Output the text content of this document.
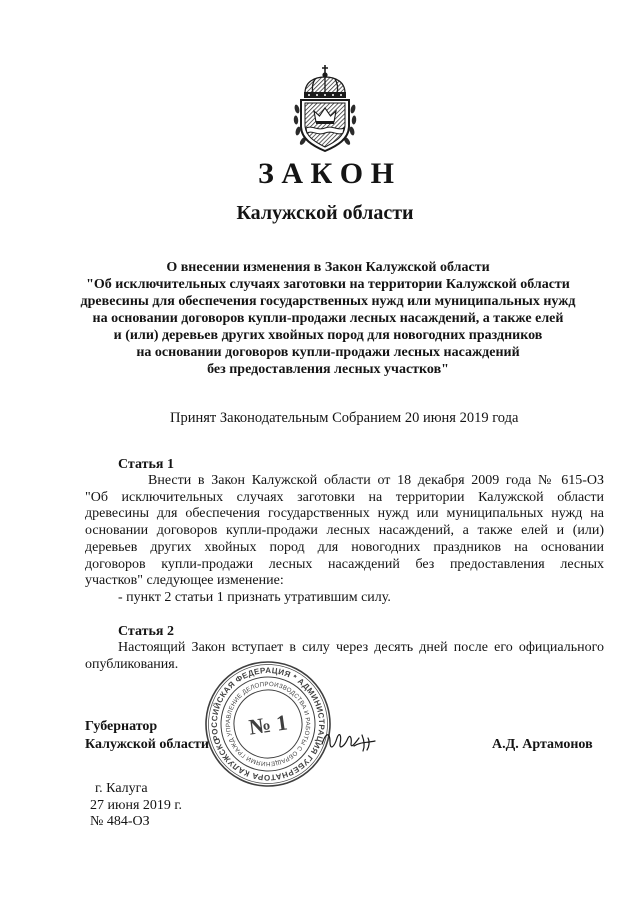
З А К О Н
Калужской области
О внесении изменения в Закон Калужской области
"Об исключительных случаях заготовки на территории Калужской области
древесины для обеспечения государственных нужд или муниципальных нужд
на основании договоров купли-продажи лесных насаждений, а также елей
и (или) деревьев других хвойных пород для новогодних праздников
на основании договоров купли-продажи лесных насаждений
без предоставления лесных участков"
Принят Законодательным Собранием 20 июня 2019 года
Статья 1
Внести в Закон Калужской области от 18 декабря 2009 года № 615-ОЗ
"Об исключительных случаях заготовки на территории Калужской области
древесины для обеспечения государственных нужд или муниципальных нужд на
основании договоров купли-продажи лесных насаждений, а также елей и (или)
деревьев других хвойных пород для новогодних праздников на основании
договоров купли-продажи лесных насаждений без предоставления лесных
участков" следующее изменение:
- пункт 2 статьи 1 признать утратившим силу.
Статья 2
Настоящий Закон вступает в силу через десять дней после его официального
опубликования.
Губернатор
Калужской области РОССИЙСКАЯ ФЕДЕРАЦИЯ * АДМИНИСТРАЦИЯ ГУБЕРНАТОРА КАЛУЖСКОЙ
УПРАВЛЕНИЕ ДЕЛОПРОИЗВОДСТВА И РАБОТЫ С ОБРАЩЕНИЯМИ ГРАЖДАН
№ 1
А.Д. Артамонов
г. Калуга
27 июня 2019 г.
№ 484-ОЗ
